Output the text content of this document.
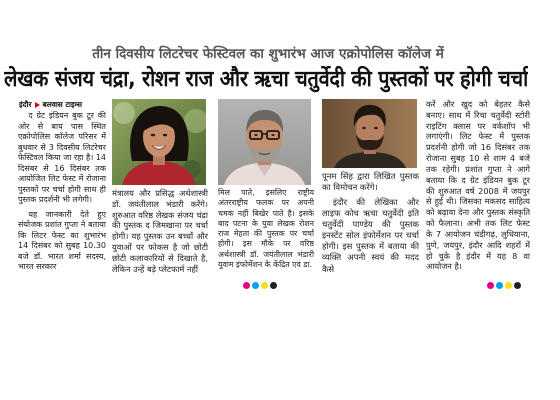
तीन दिवसीय लिटरेचर फेस्टिवल का शुभारंभ आज एक्रोपोलिस कॉलेज में
लेखक संजय चंद्रा, रोशन राज और ऋचा चतुर्वेदी की पुस्तकों पर होगी चर्चा
इंदौर बलवास टाइम्स

द ग्रेट इंडियन बुक टूर की ओर से बाय पास स्थित एक्रोपोलिस कॉलेज परिसर में बुधवार से 3 दिवसीय लिटरेचर फेस्टिवल किया जा रहा है। 14 दिसंबर से 16 दिसंबर तक आयोजित लिट फेस्ट में रोजाना पुस्तकों पर चर्चा होगी साथ ही पुस्तक प्रदर्शनी भी लगेगी।

यह जानकारी देते हुए संयोजक प्रशांत गुप्ता ने बताया कि लिटर फेस्ट का शुभारंभ 14 दिसंबर को सुबह 10.30 बजे डॉ. भारत शर्मा सदस्य, भारत सरकार

मंत्रालय और प्रसिद्ध अर्थशास्त्री डॉ. जयंतीलाल भंडारी करेंगे। शुरुआत वरिष्ठ लेखक संजय चंद्रा की पुस्तक द जिमखाना पर चर्चा होगी। यह पुस्तक उन बच्चों और युवाओं पर फोकस है जो छोटी छोटी कलाकारियों से दिखाते है, लेकिन उन्हें बड़े प्लेटफार्म नहीं

मिल पाते, इसलिए राष्ट्रीय अंतरराष्ट्रीय फलक पर अपनी चमक नहीं बिखेर पाते है। इसके बाद पटना के युवा लेखक रोशन राज मेहता की पुस्तक पर चर्चा होगी। इस मौके पर वरिष्ठ अर्थशास्त्री डॉ. जयंतीलाल भंडारी युवाम इंफोर्मेशन के केंद्रित एवं डा.

पूनम सिंह द्वारा लिखित पुस्तक का विमोचन करेंगे।

इंदौर की लेखिका और लाइफ कोच ऋचा चतुर्वेदी इति चतुर्वेदी पाण्डेय की पुस्तक इनस्टेंट सोल इंफोर्मेशन पर चर्चा होगी। इस पुस्तक में बताया की व्यक्ति अपनी स्वयं की मदद कैसे

करें और खुद को बेहतर कैसे बनाए। साथ में रिचा चतुर्वेदी स्टोरी राइटिंग क्लास पर वर्कशॉप भी लगाएंगी। लिट फेस्ट में पुस्तक प्रदर्शनी होगी जो 16 दिसंबर तक रोजाना सुबह 10 से शाम 4 बजे तक रहेगी। प्रशांत गुप्ता ने आगे बताया कि द ग्रेट इंडियन बुक टूर की शुरुआत वर्ष 2008 में जयपुर से हुई थी। जिसका मकसद साहित्य को बढ़ावा देना और पुस्तक संस्कृति को फैलाना। अभी तक लिट फेस्ट के 7 आयोजन चंडीगढ़, लुधियाना, पुणे, जयपुर, इंदौर आदि शहरों में हो चुके है इंदौर में यह 8 वा आयोजन है।
